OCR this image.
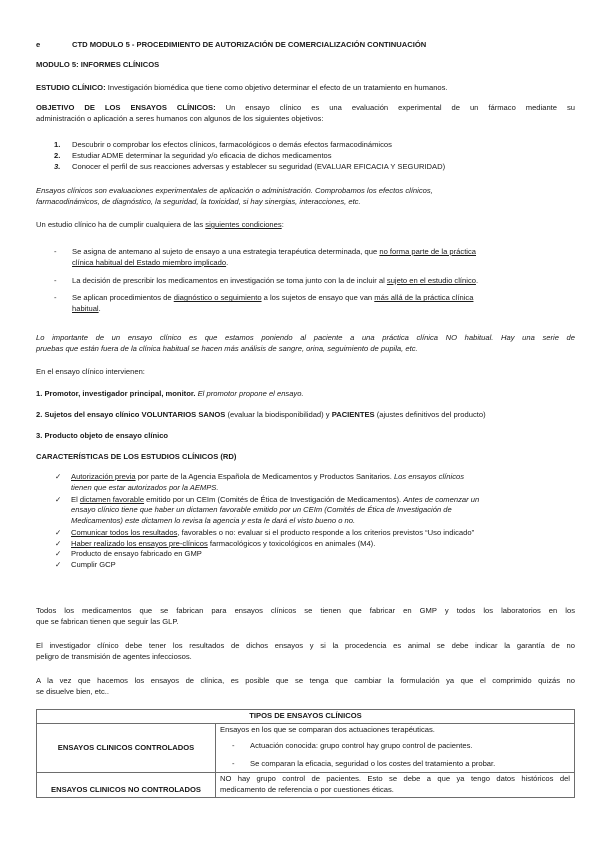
e	CTD MODULO 5 - PROCEDIMIENTO DE AUTORIZACIÓN DE COMERCIALIZACIÓN CONTINUACIÓN
MODULO 5: INFORMES CLÍNICOS
ESTUDIO CLÍNICO: Investigación biomédica que tiene como objetivo determinar el efecto de un tratamiento en humanos.
OBJETIVO DE LOS ENSAYOS CLÍNICOS: Un ensayo clínico es una evaluación experimental de un fármaco mediante su
administración o aplicación a seres humanos con algunos de los siguientes objetivos:
1. Descubrir o comprobar los efectos clínicos, farmacológicos o demás efectos farmacodinámicos
2. Estudiar ADME determinar la seguridad y/o eficacia de dichos medicamentos
3. Conocer el perfil de sus reacciones adversas y establecer su seguridad (EVALUAR EFICACIA Y SEGURIDAD)
Ensayos clínicos son evaluaciones experimentales de aplicación o administración. Comprobamos los efectos clínicos,
farmacodinámicos, de diagnóstico, la seguridad, la toxicidad, si hay sinergias, interacciones, etc.
Un estudio clínico ha de cumplir cualquiera de las siguientes condiciones:
- Se asigna de antemano al sujeto de ensayo a una estrategia terapéutica determinada, que no forma parte de la práctica
clínica habitual del Estado miembro implicado.
- La decisión de prescribir los medicamentos en investigación se toma junto con la de incluir al sujeto en el estudio clínico.
- Se aplican procedimientos de diagnóstico o seguimiento a los sujetos de ensayo que van más allá de la práctica clínica
habitual.
Lo importante de un ensayo clínico es que estamos poniendo al paciente a una práctica clínica NO habitual. Hay una serie de
pruebas que están fuera de la clínica habitual se hacen más análisis de sangre, orina, seguimiento de pupila, etc.
En el ensayo clínico intervienen:
1. Promotor, investigador principal, monitor. El promotor propone el ensayo.
2. Sujetos del ensayo clínico VOLUNTARIOS SANOS (evaluar la biodisponibilidad) y PACIENTES (ajustes definitivos del producto)
3. Producto objeto de ensayo clínico
CARACTERÍSTICAS DE LOS ESTUDIOS CLÍNICOS (RD)
✓ Autorización previa por parte de la Agencia Española de Medicamentos y Productos Sanitarios. Los ensayos clínicos
tienen que estar autorizados por la AEMPS.
✓ El dictamen favorable emitido por un CEIm (Comités de Ética de Investigación de Medicamentos). Antes de comenzar un
ensayo clínico tiene que haber un dictamen favorable emitido por un CEIm (Comités de Ética de Investigación de
Medicamentos) este dictamen lo revisa la agencia y esta le dará el visto bueno o no.
✓ Comunicar todos los resultados, favorables o no: evaluar si el producto responde a los criterios previstos “Uso indicado”
✓ Haber realizado los ensayos pre-clínicos farmacológicos y toxicológicos en animales (M4).
✓ Producto de ensayo fabricado en GMP
✓ Cumplir GCP
Todos los medicamentos que se fabrican para ensayos clínicos se tienen que fabricar en GMP y todos los laboratorios en los
que se fabrican tienen que seguir las GLP.
El investigador clínico debe tener los resultados de dichos ensayos y si la procedencia es animal se debe indicar la garantía de no
peligro de transmisión de agentes infecciosos.
A la vez que hacemos los ensayos de clínica, es posible que se tenga que cambiar la formulación ya que el comprimido quizás no
se disuelve bien, etc..
TIPOS DE ENSAYOS CLÍNICOS	
ENSAYOS CLINICOS CONTROLADOS	Ensayos en los que se comparan dos actuaciones terapéuticas.
- Actuación conocida: grupo control hay grupo control de pacientes.
- Se comparan la eficacia, seguridad o los costes del tratamiento a probar.

ENSAYOS CLINICOS NO CONTROLADOS	NO hay grupo control de pacientes. Esto se debe a que ya tengo datos históricos del
medicamento de referencia o por cuestiones éticas.
